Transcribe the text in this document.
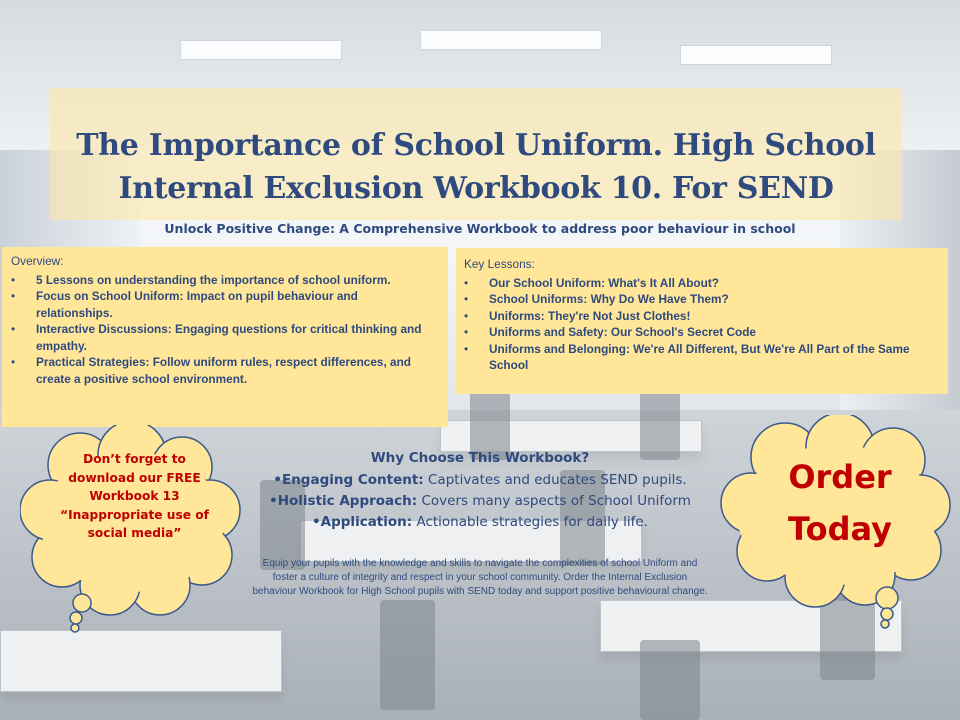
The Importance of School Uniform. High School Internal Exclusion Workbook 10. For SEND
Unlock Positive Change: A Comprehensive Workbook to address poor behaviour in school
Overview:
• 5 Lessons on understanding the importance of school uniform.
• Focus on School Uniform: Impact on pupil behaviour and relationships.
• Interactive Discussions: Engaging questions for critical thinking and empathy.
• Practical Strategies: Follow uniform rules, respect differences, and create a positive school environment.
Key Lessons:
• Our School Uniform: What's It All About?
• School Uniforms: Why Do We Have Them?
• Uniforms: They're Not Just Clothes!
• Uniforms and Safety: Our School's Secret Code
• Uniforms and Belonging: We're All Different, But We're All Part of the Same School
Don’t forget to download our FREE Workbook 13 “Inappropriate use of social media”
Order Today
Why Choose This Workbook?
•Engaging Content: Captivates and educates SEND pupils.
•Holistic Approach: Covers many aspects of School Uniform
•Application: Actionable strategies for daily life.
Equip your pupils with the knowledge and skills to navigate the complexities of school Uniform and foster a culture of integrity and respect in your school community. Order the Internal Exclusion behaviour Workbook for High School pupils with SEND today and support positive behavioural change.
